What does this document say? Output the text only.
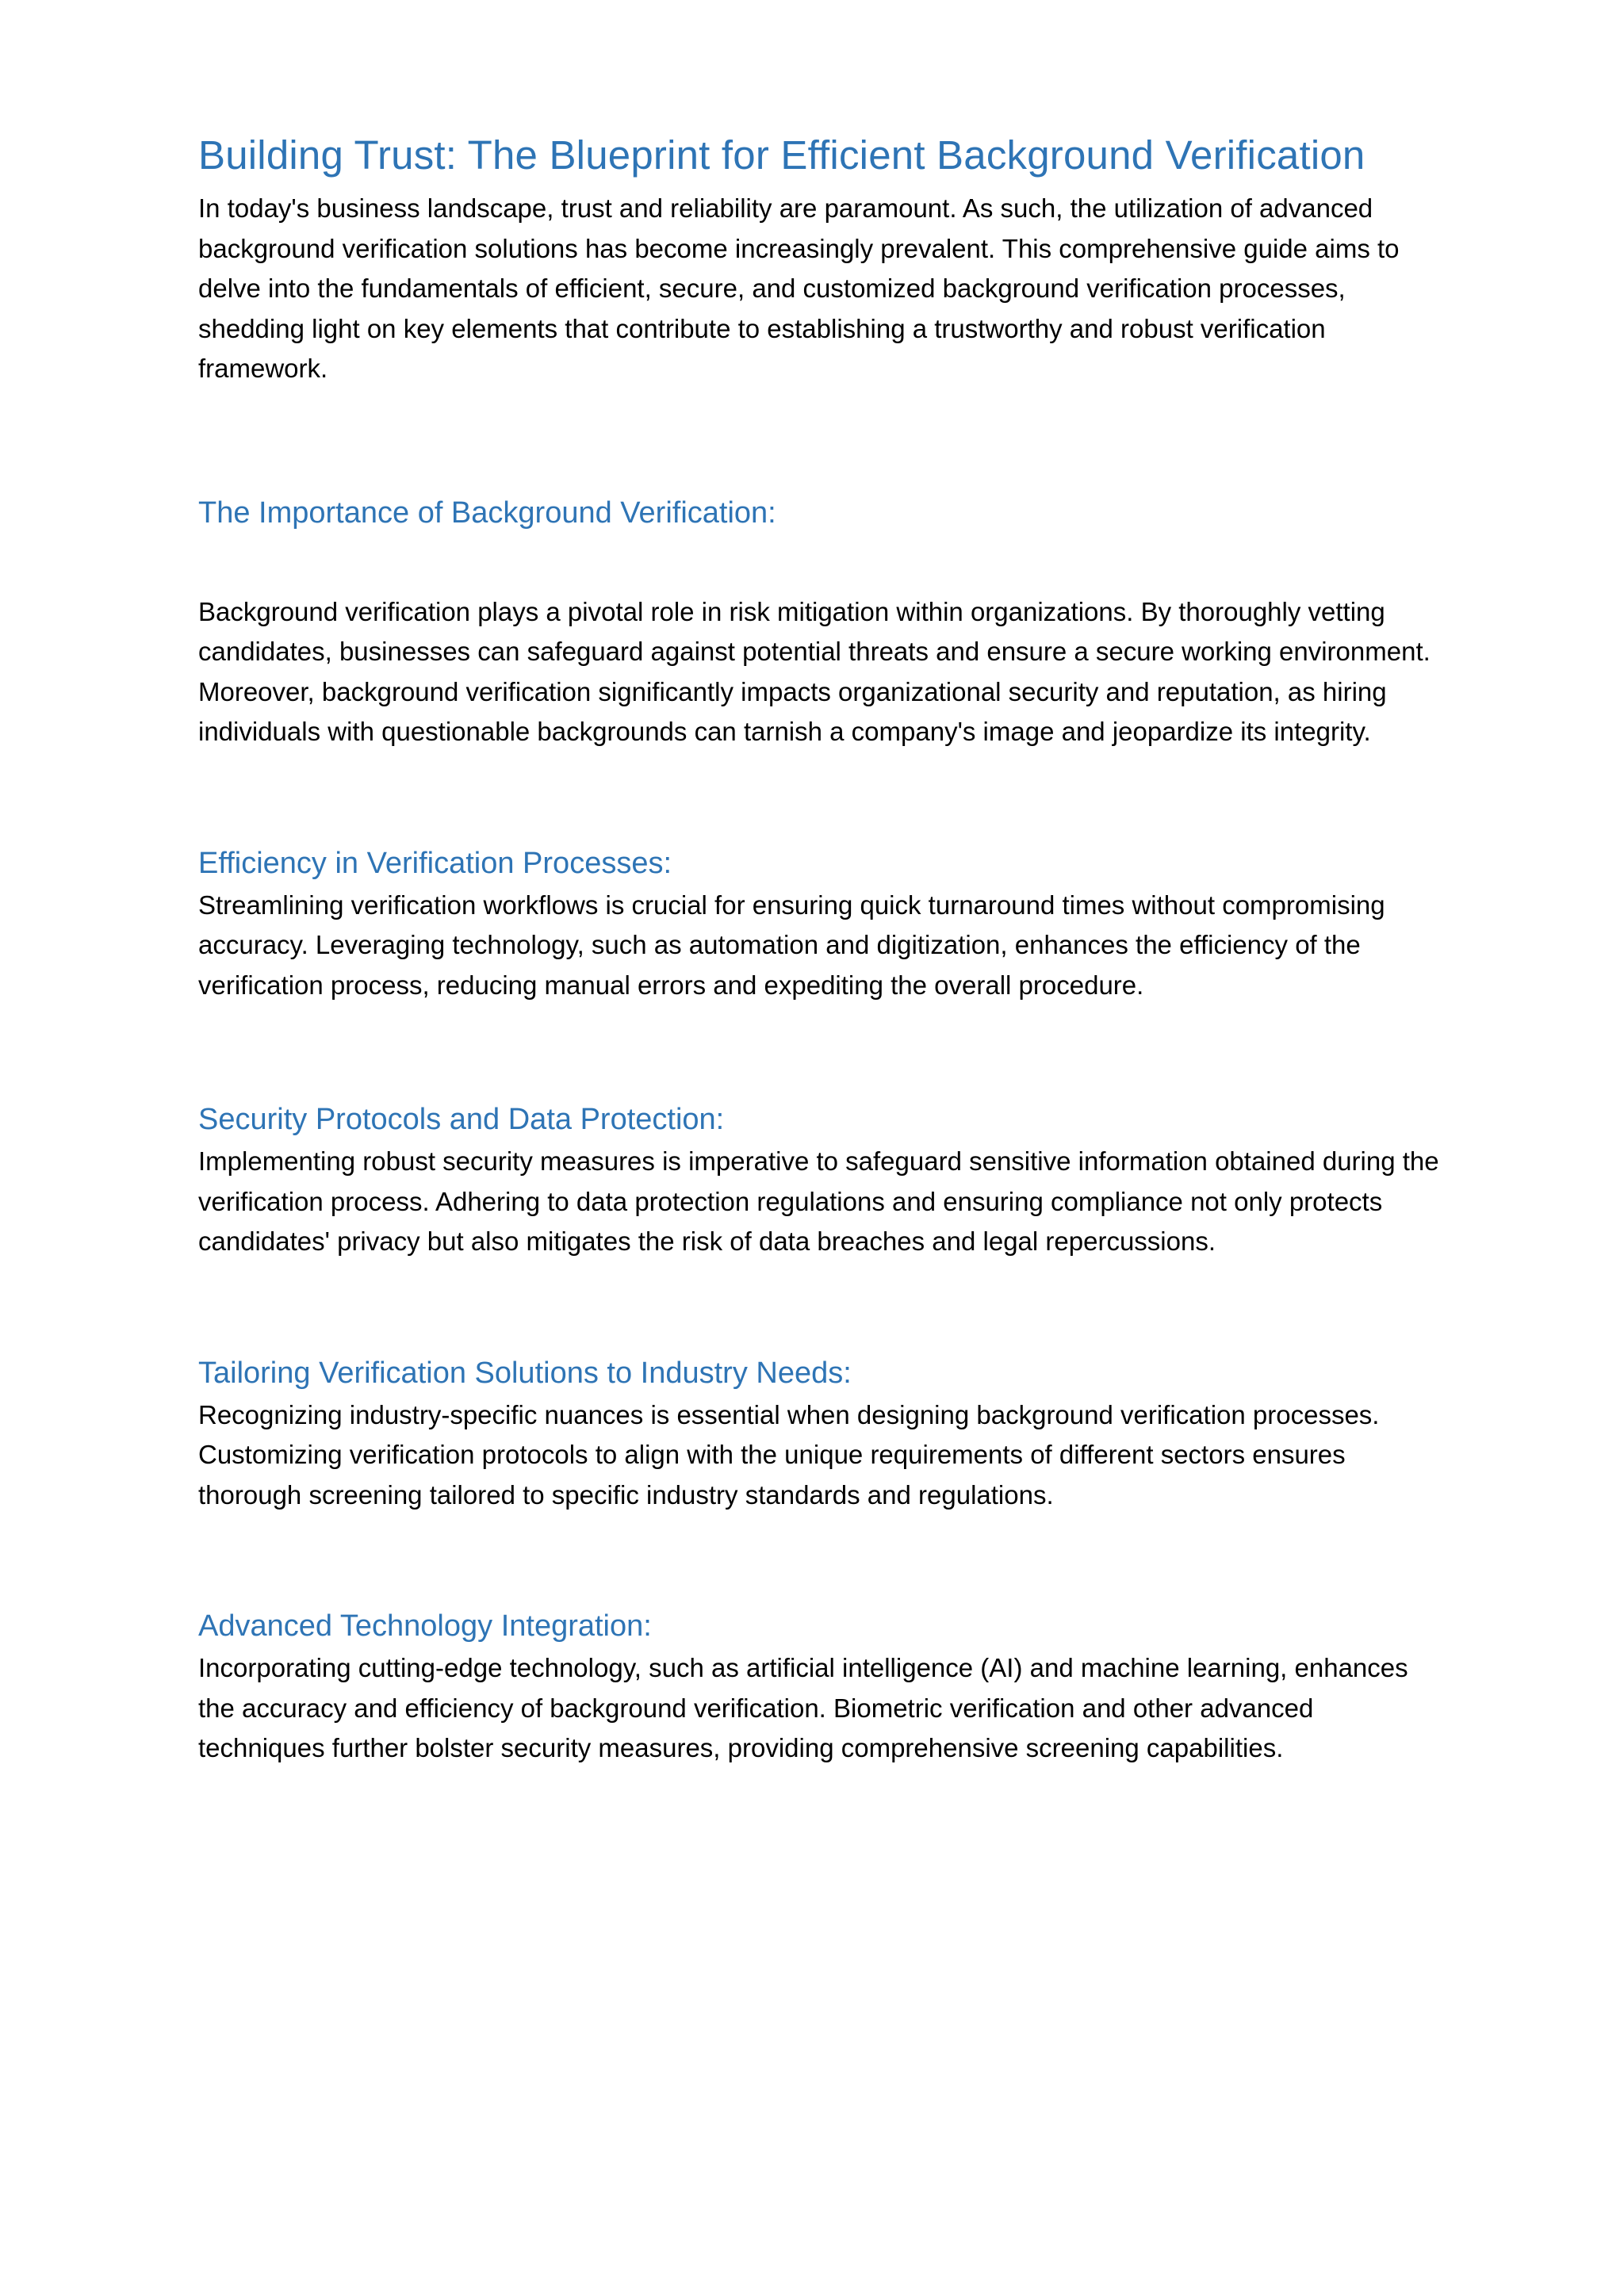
Building Trust: The Blueprint for Efficient Background Verification

In today's business landscape, trust and reliability are paramount. As such, the utilization of advanced background verification solutions has become increasingly prevalent. This comprehensive guide aims to delve into the fundamentals of efficient, secure, and customized background verification processes, shedding light on key elements that contribute to establishing a trustworthy and robust verification framework.

The Importance of Background Verification:

Background verification plays a pivotal role in risk mitigation within organizations. By thoroughly vetting candidates, businesses can safeguard against potential threats and ensure a secure working environment. Moreover, background verification significantly impacts organizational security and reputation, as hiring individuals with questionable backgrounds can tarnish a company's image and jeopardize its integrity.

Efficiency in Verification Processes:

Streamlining verification workflows is crucial for ensuring quick turnaround times without compromising accuracy. Leveraging technology, such as automation and digitization, enhances the efficiency of the verification process, reducing manual errors and expediting the overall procedure.

Security Protocols and Data Protection:

Implementing robust security measures is imperative to safeguard sensitive information obtained during the verification process. Adhering to data protection regulations and ensuring compliance not only protects candidates' privacy but also mitigates the risk of data breaches and legal repercussions.

Tailoring Verification Solutions to Industry Needs:

Recognizing industry-specific nuances is essential when designing background verification processes. Customizing verification protocols to align with the unique requirements of different sectors ensures thorough screening tailored to specific industry standards and regulations.

Advanced Technology Integration:

Incorporating cutting-edge technology, such as artificial intelligence (AI) and machine learning, enhances the accuracy and efficiency of background verification. Biometric verification and other advanced techniques further bolster security measures, providing comprehensive screening capabilities.
